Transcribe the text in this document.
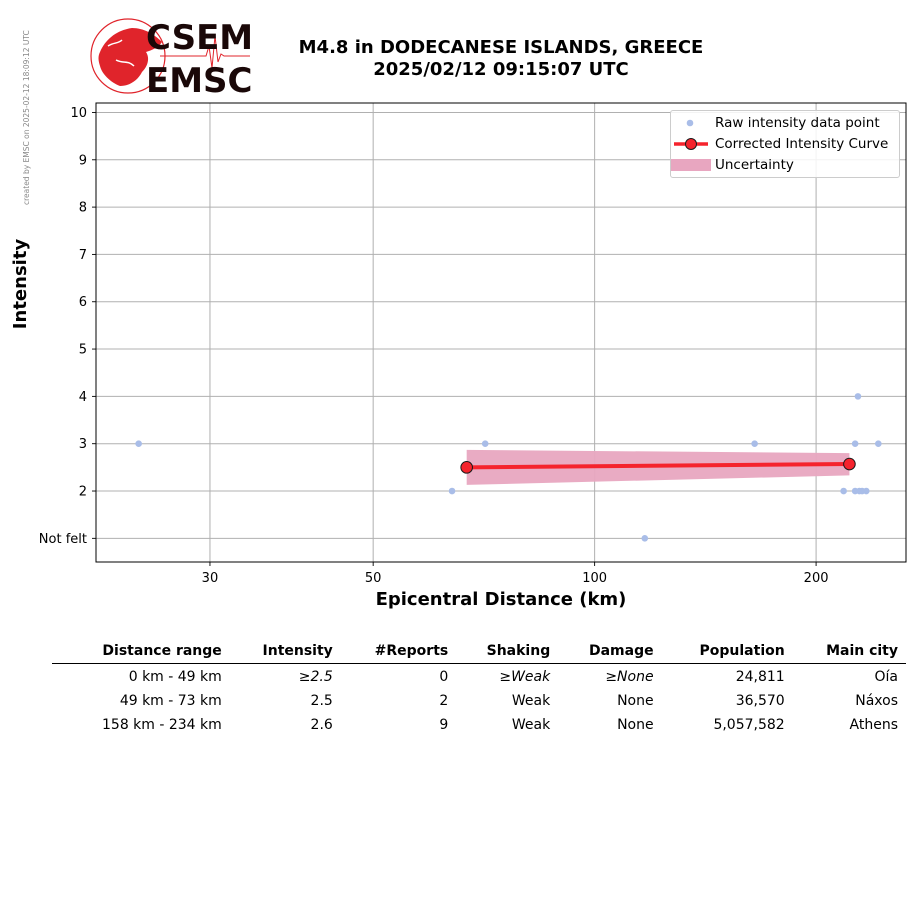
created by EMSC on 2025-02-12 18:09:12 UTC	CSEM
EMSC
M4.8 in DODECANESE ISLANDS, GREECE
2025/02/12 09:15:07 UTC
Not felt
2
3
4
5
6
7
8
9
10
30	50	100	200
Intensity
Epicentral Distance (km)
Raw intensity data point
Corrected Intensity Curve
Uncertainty
Distance range	Intensity	#Reports	Shaking	Damage	Population	Main city
0 km - 49 km	≥2.5	0	≥Weak	≥None	24,811	Oía
49 km - 73 km	2.5	2	Weak	None	36,570	Náxos
158 km - 234 km	2.6	9	Weak	None	5,057,582	Athens
